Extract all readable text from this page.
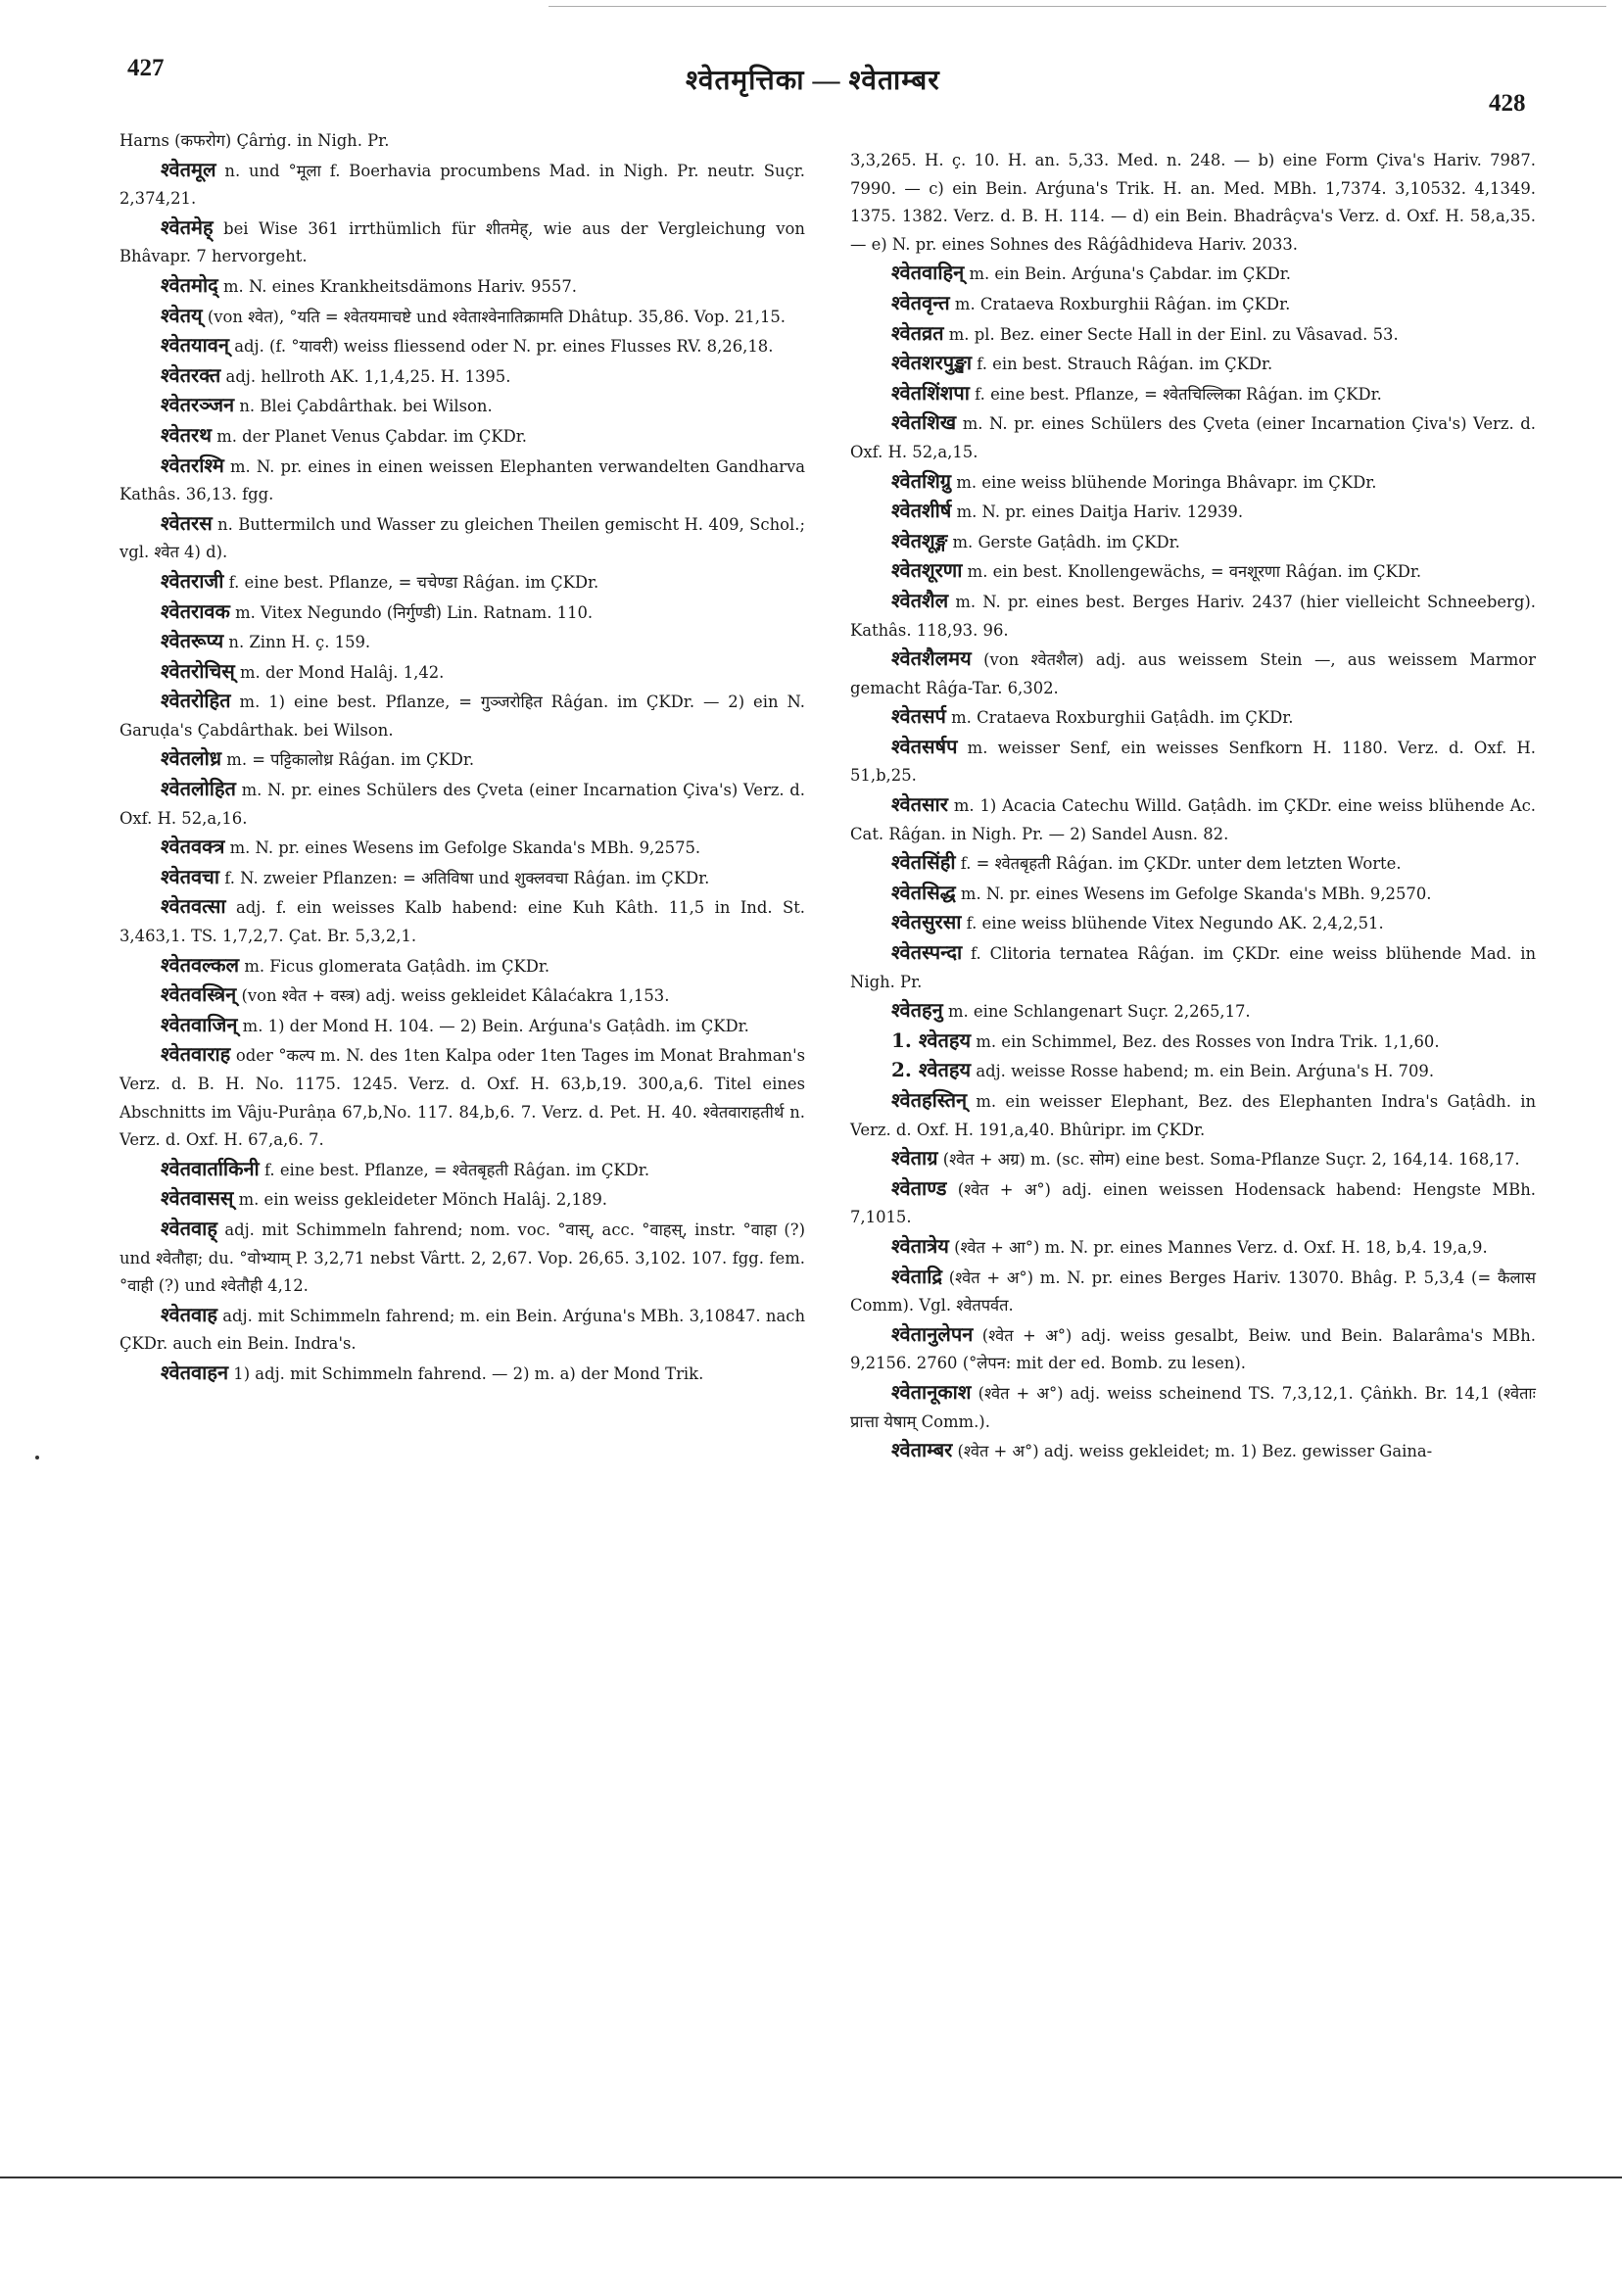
427	श्वेतमृत्तिका — श्वेताम्बर
428

Harns (कफरोग) Çârṅg. in Nigh. Pr.

श्वेतमूल n. und °मूला f. Boerhavia procumbens Mad. in Nigh. Pr. neutr. Suçr. 2,374,21.

श्वेतमेह् bei Wise 361 irrthümlich für शीतमेह्, wie aus der Vergleichung von Bhâvapr. 7 hervorgeht.

श्वेतमोद् m. N. eines Krankheitsdämons Hariv. 9557.

श्वेतय् (von श्वेत), °यति = श्वेतयमाचष्टे und श्वेताश्वेनातिक्रामति Dhâtup. 35,86. Vop. 21,15.

श्वेतयावन् adj. (f. °यावरी) weiss fliessend oder N. pr. eines Flusses RV. 8,26,18.

श्वेतरक्त adj. hellroth AK. 1,1,4,25. H. 1395.

श्वेतरञ्जन n. Blei Çabdârthak. bei Wilson.

श्वेतरथ m. der Planet Venus Çabdar. im ÇKDr.

श्वेतरश्मि m. N. pr. eines in einen weissen Elephanten verwandelten Gandharva Kathâs. 36,13. fgg.

श्वेतरस n. Buttermilch und Wasser zu gleichen Theilen gemischt H. 409, Schol.; vgl. श्वेत 4) d).

श्वेतराजी f. eine best. Pflanze, = चचेण्डा Râǵan. im ÇKDr.

श्वेतरावक m. Vitex Negundo (निर्गुण्डी) Lin. Ratnam. 110.

श्वेतरूप्य n. Zinn H. ç. 159.

श्वेतरोचिस् m. der Mond Halâj. 1,42.

श्वेतरोहित m. 1) eine best. Pflanze, = गुञ्जरोहित Râǵan. im ÇKDr. — 2) ein N. Garuḍa's Çabdârthak. bei Wilson.

श्वेतलोध्र m. = पट्टिकालोध्र Râǵan. im ÇKDr.

श्वेतलोहित m. N. pr. eines Schülers des Çveta (einer Incarnation Çiva's) Verz. d. Oxf. H. 52,a,16.

श्वेतवक्त्र m. N. pr. eines Wesens im Gefolge Skanda's MBh. 9,2575.

श्वेतवचा f. N. zweier Pflanzen: = अतिविषा und शुक्लवचा Râǵan. im ÇKDr.

श्वेतवत्सा adj. f. ein weisses Kalb habend: eine Kuh Kâth. 11,5 in Ind. St. 3,463,1. TS. 1,7,2,7. Çat. Br. 5,3,2,1.

श्वेतवल्कल m. Ficus glomerata Gaṭâdh. im ÇKDr.

श्वेतवस्त्रिन् (von श्वेत + वस्त्र) adj. weiss gekleidet Kâlaćakra 1,153.

श्वेतवाजिन् m. 1) der Mond H. 104. — 2) Bein. Arǵuna's Gaṭâdh. im ÇKDr.

श्वेतवाराह oder °कल्प m. N. des 1ten Kalpa oder 1ten Tages im Monat Brahman's Verz. d. B. H. No. 1175. 1245. Verz. d. Oxf. H. 63,b,19. 300,a,6. Titel eines Abschnitts im Vâju-Purâṇa 67,b,No. 117. 84,b,6. 7. Verz. d. Pet. H. 40. श्वेतवाराहतीर्थ n. Verz. d. Oxf. H. 67,a,6. 7.

श्वेतवार्ताकिनी f. eine best. Pflanze, = श्वेतबृहती Râǵan. im ÇKDr.

श्वेतवासस् m. ein weiss gekleideter Mönch Halâj. 2,189.

श्वेतवाह् adj. mit Schimmeln fahrend; nom. voc. °वास्, acc. °वाहस्, instr. °वाहा (?) und श्वेतौहा; du. °वोभ्याम् P. 3,2,71 nebst Vârtt. 2, 2,67. Vop. 26,65. 3,102. 107. fgg. fem. °वाही (?) und श्वेतौही 4,12.

श्वेतवाह adj. mit Schimmeln fahrend; m. ein Bein. Arǵuna's MBh. 3,10847. nach ÇKDr. auch ein Bein. Indra's.

श्वेतवाहन 1) adj. mit Schimmeln fahrend. — 2) m. a) der Mond Trik.

3,3,265. H. ç. 10. H. an. 5,33. Med. n. 248. — b) eine Form Çiva's Hariv. 7987. 7990. — c) ein Bein. Arǵuna's Trik. H. an. Med. MBh. 1,7374. 3,10532. 4,1349. 1375. 1382. Verz. d. B. H. 114. — d) ein Bein. Bhadrâçva's Verz. d. Oxf. H. 58,a,35. — e) N. pr. eines Sohnes des Râǵâdhideva Hariv. 2033.

श्वेतवाहिन् m. ein Bein. Arǵuna's Çabdar. im ÇKDr.

श्वेतवृन्त m. Crataeva Roxburghii Râǵan. im ÇKDr.

श्वेतव्रत m. pl. Bez. einer Secte Hall in der Einl. zu Vâsavad. 53.

श्वेतशरपुङ्खा f. ein best. Strauch Râǵan. im ÇKDr.

श्वेतशिंशपा f. eine best. Pflanze, = श्वेतचिल्लिका Râǵan. im ÇKDr.

श्वेतशिख m. N. pr. eines Schülers des Çveta (einer Incarnation Çiva's) Verz. d. Oxf. H. 52,a,15.

श्वेतशिग्रु m. eine weiss blühende Moringa Bhâvapr. im ÇKDr.

श्वेतशीर्ष m. N. pr. eines Daitja Hariv. 12939.

श्वेतशूङ्ग m. Gerste Gaṭâdh. im ÇKDr.

श्वेतशूरणा m. ein best. Knollengewächs, = वनशूरणा Râǵan. im ÇKDr.

श्वेतशैल m. N. pr. eines best. Berges Hariv. 2437 (hier vielleicht Schneeberg). Kathâs. 118,93. 96.

श्वेतशैलमय (von श्वेतशैल) adj. aus weissem Stein —, aus weissem Marmor gemacht Râǵa-Tar. 6,302.

श्वेतसर्प m. Crataeva Roxburghii Gaṭâdh. im ÇKDr.

श्वेतसर्षप m. weisser Senf, ein weisses Senfkorn H. 1180. Verz. d. Oxf. H. 51,b,25.

श्वेतसार m. 1) Acacia Catechu Willd. Gaṭâdh. im ÇKDr. eine weiss blühende Ac. Cat. Râǵan. in Nigh. Pr. — 2) Sandel Ausn. 82.

श्वेतसिंही f. = श्वेतबृहती Râǵan. im ÇKDr. unter dem letzten Worte.

श्वेतसिद्ध m. N. pr. eines Wesens im Gefolge Skanda's MBh. 9,2570.

श्वेतसुरसा f. eine weiss blühende Vitex Negundo AK. 2,4,2,51.

श्वेतस्पन्दा f. Clitoria ternatea Râǵan. im ÇKDr. eine weiss blühende Mad. in Nigh. Pr.

श्वेतहनु m. eine Schlangenart Suçr. 2,265,17.

1. श्वेतहय m. ein Schimmel, Bez. des Rosses von Indra Trik. 1,1,60.

2. श्वेतहय adj. weisse Rosse habend; m. ein Bein. Arǵuna's H. 709.

श्वेतहस्तिन् m. ein weisser Elephant, Bez. des Elephanten Indra's Gaṭâdh. in Verz. d. Oxf. H. 191,a,40. Bhûripr. im ÇKDr.

श्वेताग्र (श्वेत + अग्र) m. (sc. सोम) eine best. Soma-Pflanze Suçr. 2, 164,14. 168,17.

श्वेताण्ड (श्वेत + अ°) adj. einen weissen Hodensack habend: Hengste MBh. 7,1015.

श्वेतात्रेय (श्वेत + आ°) m. N. pr. eines Mannes Verz. d. Oxf. H. 18, b,4. 19,a,9.

श्वेताद्रि (श्वेत + अ°) m. N. pr. eines Berges Hariv. 13070. Bhâg. P. 5,3,4 (= कैलास Comm). Vgl. श्वेतपर्वत.

श्वेतानुलेपन (श्वेत + अ°) adj. weiss gesalbt, Beiw. und Bein. Balarâma's MBh. 9,2156. 2760 (°लेपन: mit der ed. Bomb. zu lesen).

श्वेतानूकाश (श्वेत + अ°) adj. weiss scheinend TS. 7,3,12,1. Çâṅkh. Br. 14,1 (श्वेताः प्रात्ता येषाम् Comm.).

श्वेताम्बर (श्वेत + अ°) adj. weiss gekleidet; m. 1) Bez. gewisser Gaina-
